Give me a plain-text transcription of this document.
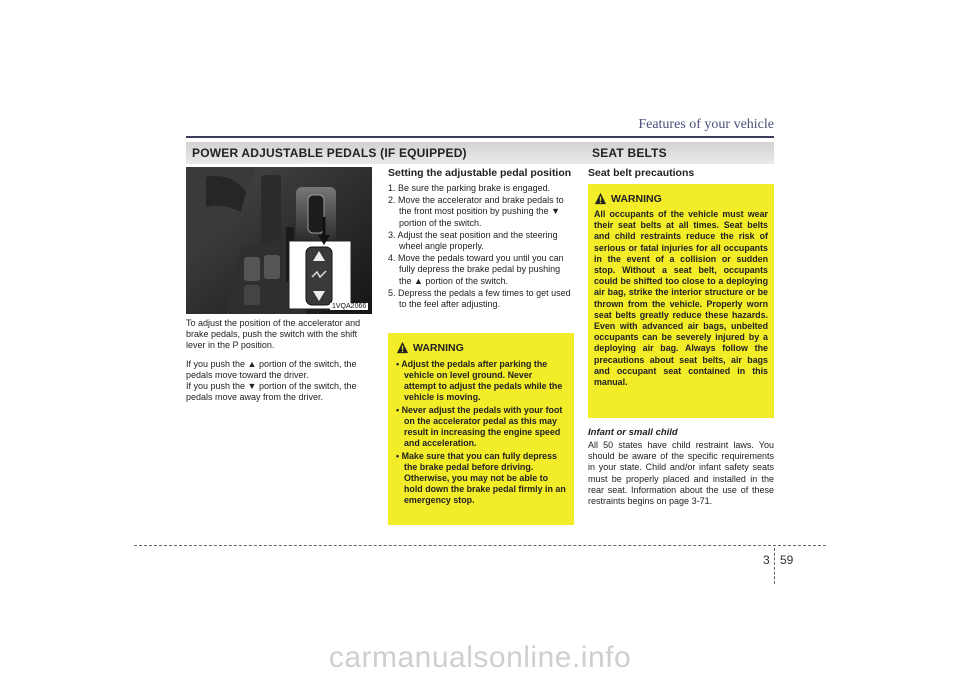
Features of your vehicle
POWER ADJUSTABLE PEDALS (IF EQUIPPED)	SEAT BELTS
1VQA2066

To adjust the position of the accelerator and brake pedals, push the switch with the shift lever in the P position.

If you push the ▲ portion of the switch, the pedals move toward the driver.

If you push the ▼ portion of the switch, the pedals move away from the driver.

Setting the adjustable pedal position
1. Be sure the parking brake is engaged.
2. Move the accelerator and brake pedals to the front most position by pushing the ▼ portion of the switch.
3. Adjust the seat position and the steering wheel angle properly.
4. Move the pedals toward you until you can fully depress the brake pedal by pushing the ▲ portion of the switch.
5. Depress the pedals a few times to get used to the feel after adjusting.
WARNING
• Adjust the pedals after parking the vehicle on level ground. Never attempt to adjust the pedals while the vehicle is moving.
• Never adjust the pedals with your foot on the accelerator pedal as this may result in increasing the engine speed and acceleration.
• Make sure that you can fully depress the brake pedal before driving. Otherwise, you may not be able to hold down the brake pedal firmly in an emergency stop.
Seat belt precautions
WARNING
All occupants of the vehicle must wear their seat belts at all times. Seat belts and child restraints reduce the risk of serious or fatal injuries for all occupants in the event of a collision or sudden stop. Without a seat belt, occupants could be shifted too close to a deploying air bag, strike the interior structure or be thrown from the vehicle. Properly worn seat belts greatly reduce these hazards. Even with advanced air bags, unbelted occupants can be severely injured by a deploying air bag. Always follow the precautions about seat belts, air bags and occupant seat contained in this manual.
Infant or small child
All 50 states have child restraint laws. You should be aware of the specific requirements in your state. Child and/or infant safety seats must be properly placed and installed in the rear seat. Information about the use of these restraints begins on page 3-71.
3 59
carmanualsonline.info
